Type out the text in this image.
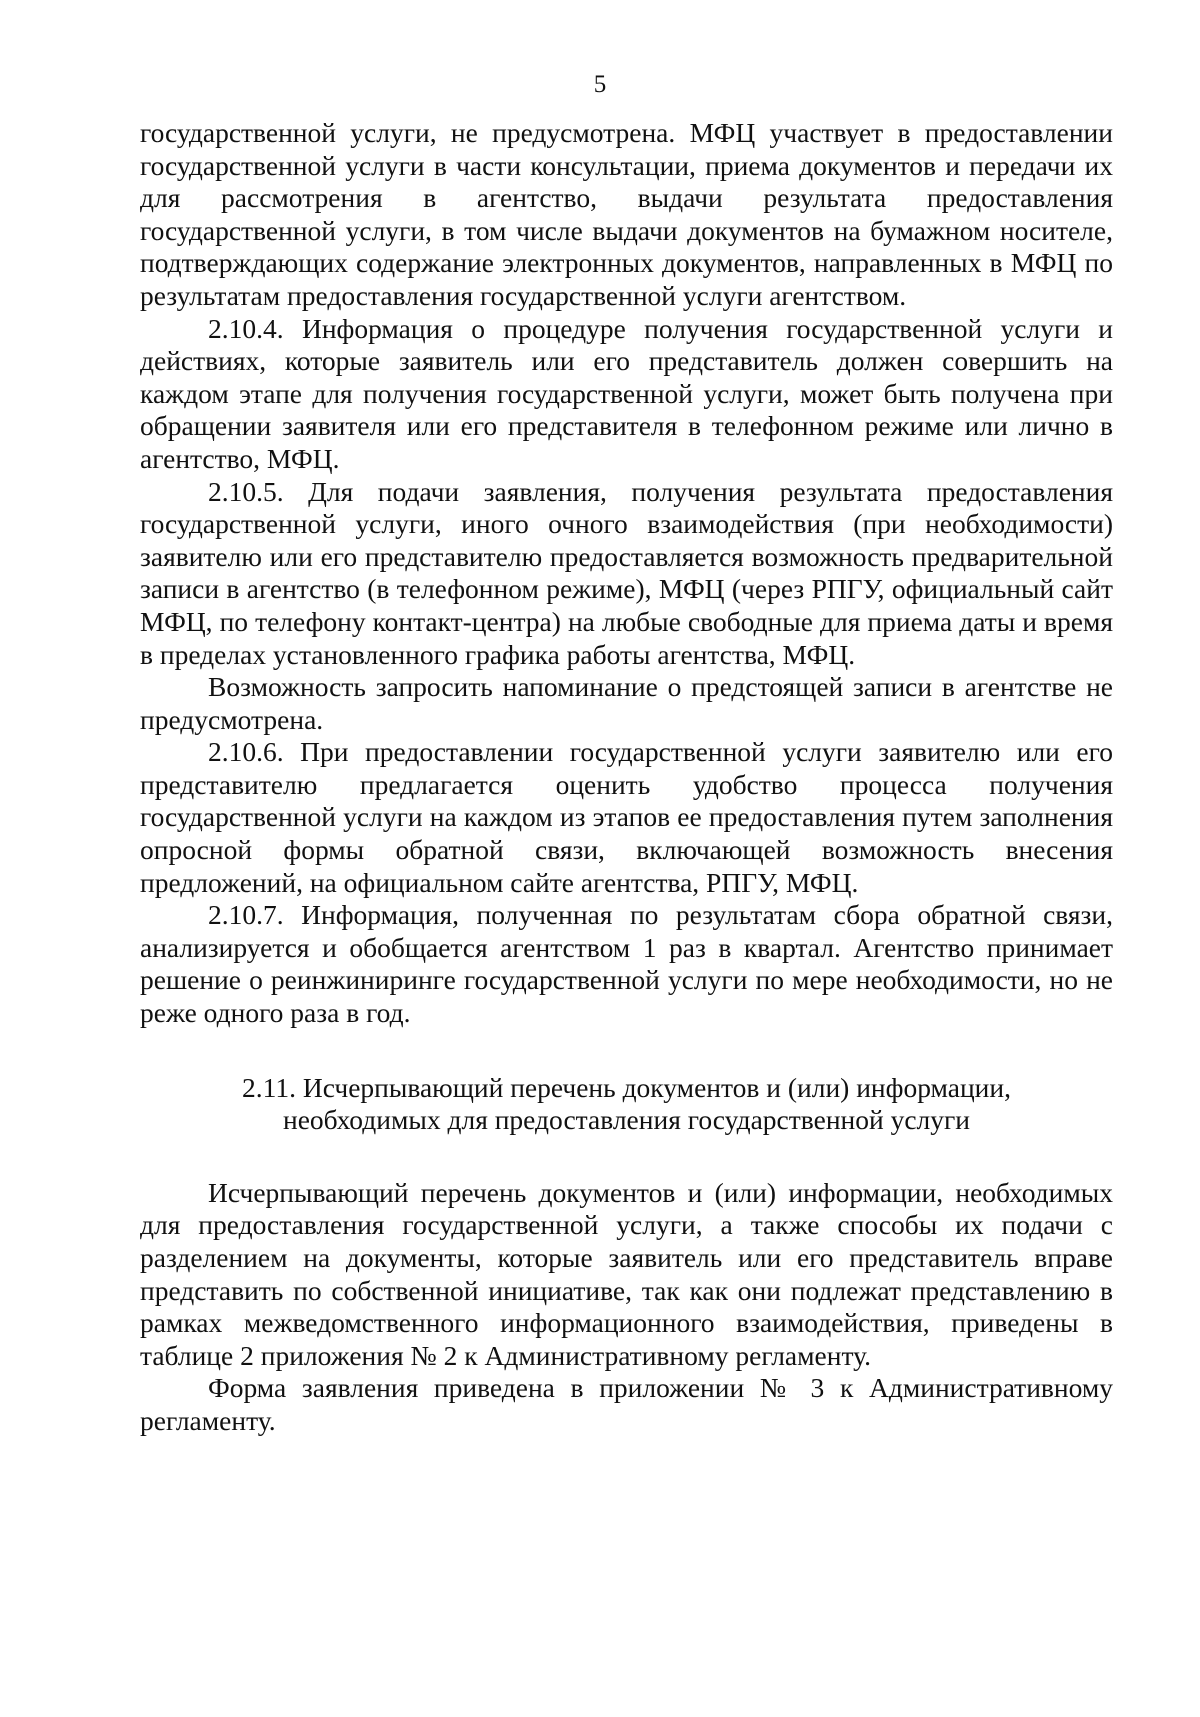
5

государственной услуги, не предусмотрена. МФЦ участвует в предоставлении государственной услуги в части консультации, приема документов и передачи их для рассмотрения в агентство, выдачи результата предоставления государственной услуги, в том числе выдачи документов на бумажном носителе, подтверждающих содержание электронных документов, направленных в МФЦ по результатам предоставления государственной услуги агентством.

2.10.4. Информация о процедуре получения государственной услуги и действиях, которые заявитель или его представитель должен совершить на каждом этапе для получения государственной услуги, может быть получена при обращении заявителя или его представителя в телефонном режиме или лично в агентство, МФЦ.

2.10.5. Для подачи заявления, получения результата предоставления государственной услуги, иного очного взаимодействия (при необходимости) заявителю или его представителю предоставляется возможность предварительной записи в агентство (в телефонном режиме), МФЦ (через РПГУ, официальный сайт МФЦ, по телефону контакт-центра) на любые свободные для приема даты и время в пределах установленного графика работы агентства, МФЦ.

Возможность запросить напоминание о предстоящей записи в агентстве не предусмотрена.

2.10.6. При предоставлении государственной услуги заявителю или его представителю предлагается оценить удобство процесса получения государственной услуги на каждом из этапов ее предоставления путем заполнения опросной формы обратной связи, включающей возможность внесения предложений, на официальном сайте агентства, РПГУ, МФЦ.

2.10.7. Информация, полученная по результатам сбора обратной связи, анализируется и обобщается агентством 1 раз в квартал. Агентство принимает решение о реинжиниринге государственной услуги по мере необходимости, но не реже одного раза в год.

2.11. Исчерпывающий перечень документов и (или) информации,
необходимых для предоставления государственной услуги

Исчерпывающий перечень документов и (или) информации, необходимых для предоставления государственной услуги, а также способы их подачи с разделением на документы, которые заявитель или его представитель вправе представить по собственной инициативе, так как они подлежат представлению в рамках межведомственного информационного взаимодействия, приведены в таблице 2 приложения № 2 к Административному регламенту.

Форма заявления приведена в приложении № 3 к Административному регламенту.
